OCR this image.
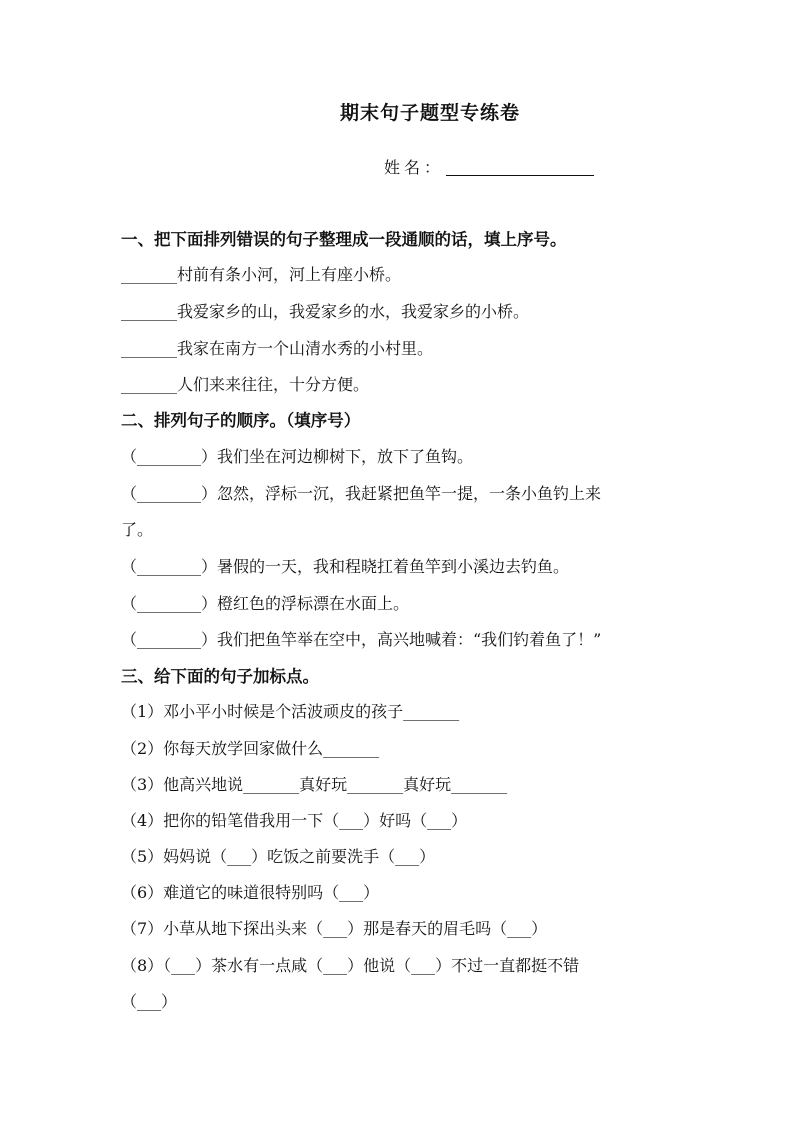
期末句子题型专练卷
姓名：
一、把下面排列错误的句子整理成一段通顺的话，填上序号。
_______村前有条小河，河上有座小桥。
_______我爱家乡的山，我爱家乡的水，我爱家乡的小桥。
_______我家在南方一个山清水秀的小村里。
_______人们来来往往，十分方便。
二、排列句子的顺序。（填序号）
（________）我们坐在河边柳树下，放下了鱼钩。
（________）忽然，浮标一沉，我赶紧把鱼竿一提，一条小鱼钓上来
了。
（________）暑假的一天，我和程晓扛着鱼竿到小溪边去钓鱼。
（________）橙红色的浮标漂在水面上。
（________）我们把鱼竿举在空中，高兴地喊着：“我们钓着鱼了！”
三、给下面的句子加标点。
（1）邓小平小时候是个活波顽皮的孩子_______
（2）你每天放学回家做什么_______
（3）他高兴地说_______真好玩_______真好玩_______
（4）把你的铅笔借我用一下（___）好吗（___）
（5）妈妈说（___）吃饭之前要洗手（___）
（6）难道它的味道很特别吗（___）
（7）小草从地下探出头来（___）那是春天的眉毛吗（___）
（8）（___）茶水有一点咸（___）他说（___）不过一直都挺不错
（___）
